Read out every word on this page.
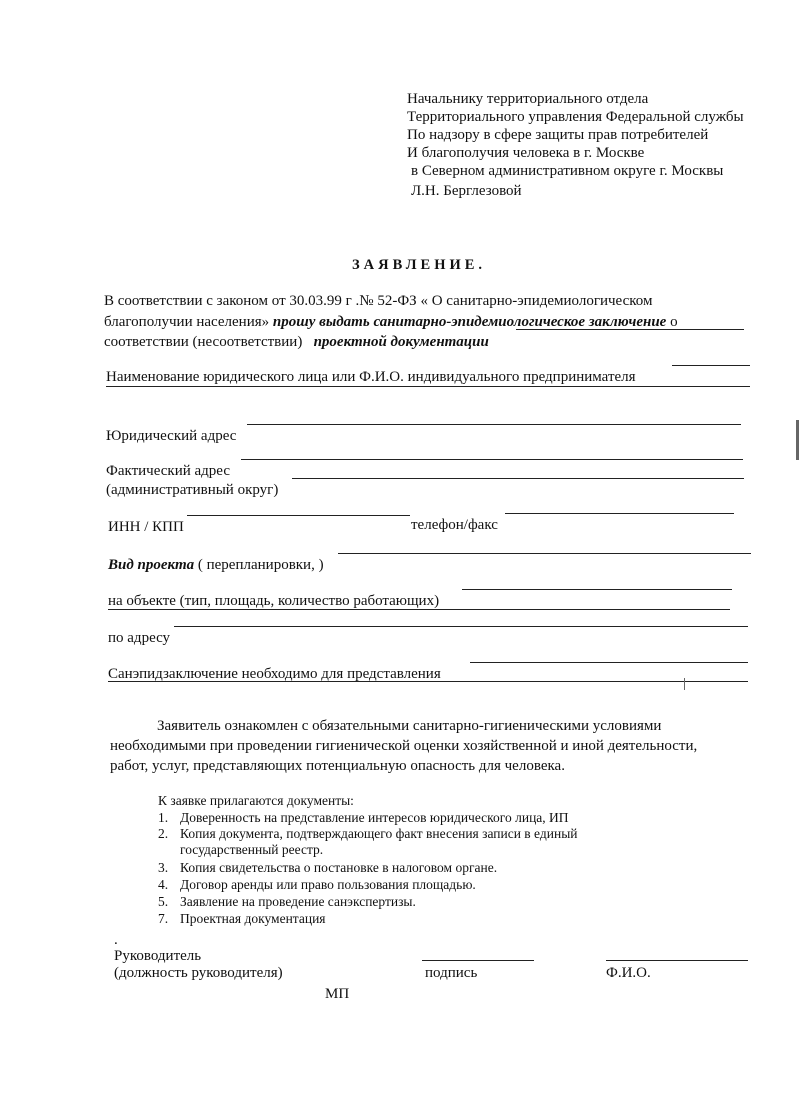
Начальнику территориального отдела
Территориального управления Федеральной службы
По надзору в сфере защиты прав потребителей
И благополучия человека в г. Москве
в Северном административном округе г. Москвы
Л.Н. Берглезовой
ЗАЯВЛЕНИЕ.
В соответствии с законом от 30.03.99 г .№ 52-ФЗ « О санитарно-эпидемиологическом
благополучии населения» прошу выдать санитарно-эпидемиологическое заключение о
соответствии (несоответствии) проектной документации
Наименование юридического лица или Ф.И.О. индивидуального предпринимателя
Юридический адрес
Фактический адрес
(административный округ)
ИНН / КПП	телефон/факс
Вид проекта ( перепланировки, )
на объекте (тип, площадь, количество работающих)
по адресу
Санэпидзаключение необходимо для представления
Заявитель ознакомлен с обязательными санитарно-гигиеническими условиями
необходимыми при проведении гигиенической оценки хозяйственной и иной деятельности,
работ, услуг, представляющих потенциальную опасность для человека.
К заявке прилагаются документы:
1. Доверенность на представление интересов юридического лица, ИП
2. Копия документа, подтверждающего факт внесения записи в единый
государственный реестр.
3. Копия свидетельства о постановке в налоговом органе.
4. Договор аренды или право пользования площадью.
5. Заявление на проведение санэкспертизы.
7. Проектная документация
.
Руководитель
(должность руководителя)	подпись	Ф.И.О.
МП
